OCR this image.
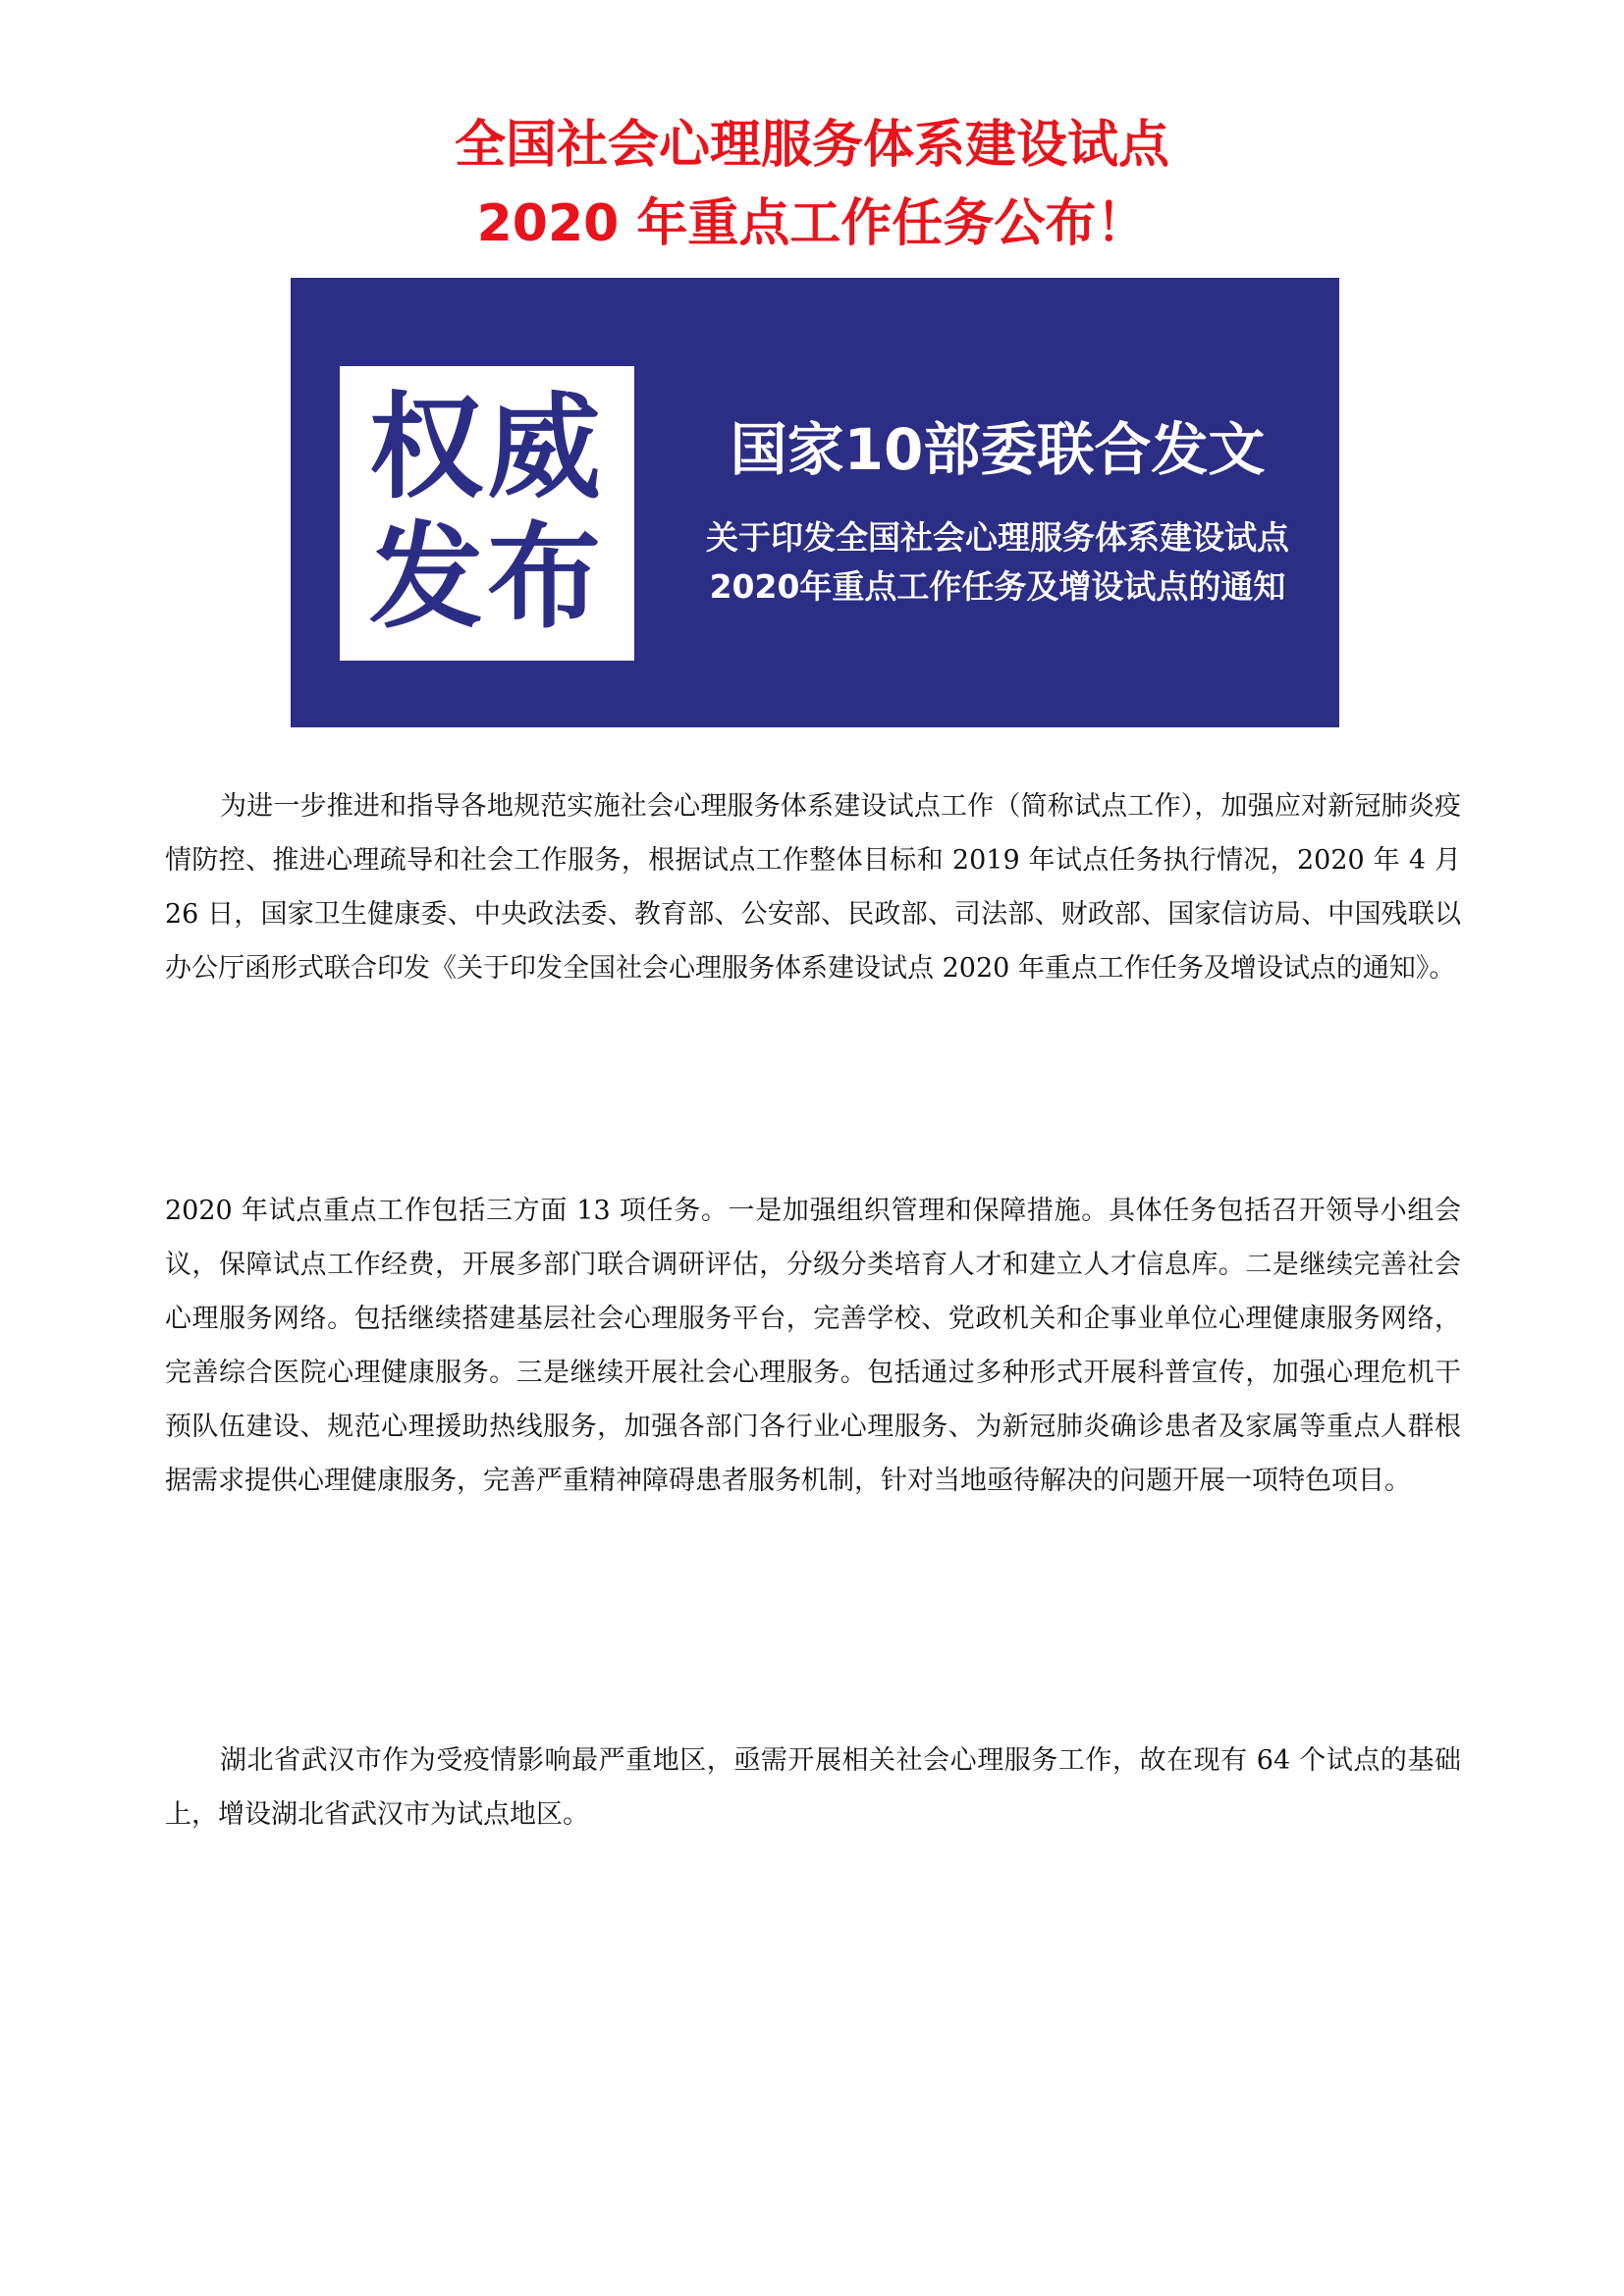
全国社会心理服务体系建设试点

2020 年重点工作任务公布！

权威
发布
国家10部委联合发文
关于印发全国社会心理服务体系建设试点
2020年重点工作任务及增设试点的通知

为进一步推进和指导各地规范实施社会心理服务体系建设试点工作（简称试点工作），加强应对新冠肺炎疫情防控、推进心理疏导和社会工作服务，根据试点工作整体目标和 2019 年试点任务执行情况，2020 年 4 月 26 日，国家卫生健康委、中央政法委、教育部、公安部、民政部、司法部、财政部、国家信访局、中国残联以办公厅函形式联合印发《关于印发全国社会心理服务体系建设试点 2020 年重点工作任务及增设试点的通知》。

2020 年试点重点工作包括三方面 13 项任务。一是加强组织管理和保障措施。具体任务包括召开领导小组会议，保障试点工作经费，开展多部门联合调研评估，分级分类培育人才和建立人才信息库。二是继续完善社会心理服务网络。包括继续搭建基层社会心理服务平台，完善学校、党政机关和企事业单位心理健康服务网络，完善综合医院心理健康服务。三是继续开展社会心理服务。包括通过多种形式开展科普宣传，加强心理危机干预队伍建设、规范心理援助热线服务，加强各部门各行业心理服务、为新冠肺炎确诊患者及家属等重点人群根据需求提供心理健康服务，完善严重精神障碍患者服务机制，针对当地亟待解决的问题开展一项特色项目。

湖北省武汉市作为受疫情影响最严重地区，亟需开展相关社会心理服务工作，故在现有 64 个试点的基础上，增设湖北省武汉市为试点地区。
